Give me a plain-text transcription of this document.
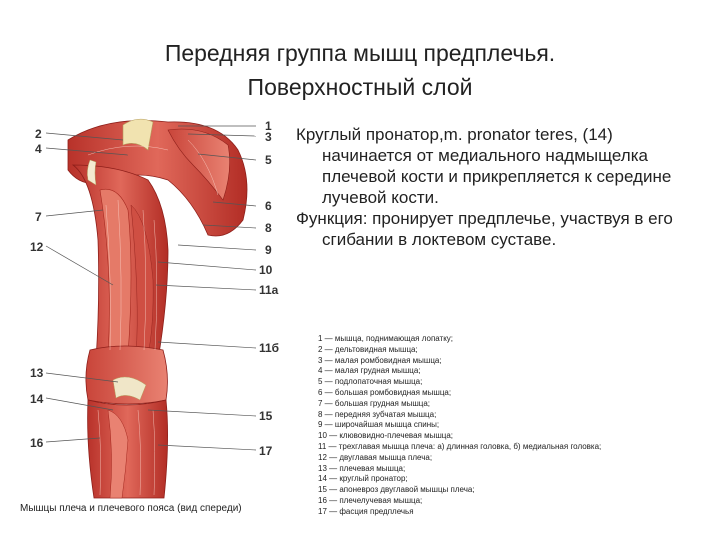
Передняя группа мышц предплечья.
Поверхностный слой
1
3
5
6
8
9
10
11а
11б
15
17
2
4
7
12
13
14
16
Мышцы плеча и плечевого пояса (вид спереди)

Круглый пронатор,m. pronator teres, (14) начинается от медиального надмыщелка плечевой кости и прикрепляется к середине лучевой кости.

Функция: пронирует предплечье, участвуя в его сгибании в локтевом суставе.

1 — мышца, поднимающая лопатку;
2 — дельтовидная мышца;
3 — малая ромбовидная мышца;
4 — малая грудная мышца;
5 — подлопаточная мышца;
6 — большая ромбовидная мышца;
7 — большая грудная мышца;
8 — передняя зубчатая мышца;
9 — широчайшая мышца спины;
10 — клювовидно-плечевая мышца;
11 — трехглавая мышца плеча: а) длинная головка, б) медиальная головка;
12 — двуглавая мышца плеча;
13 — плечевая мышца;
14 — круглый пронатор;
15 — апоневроз двуглавой мышцы плеча;
16 — плечелучевая мышца;
17 — фасция предплечья
